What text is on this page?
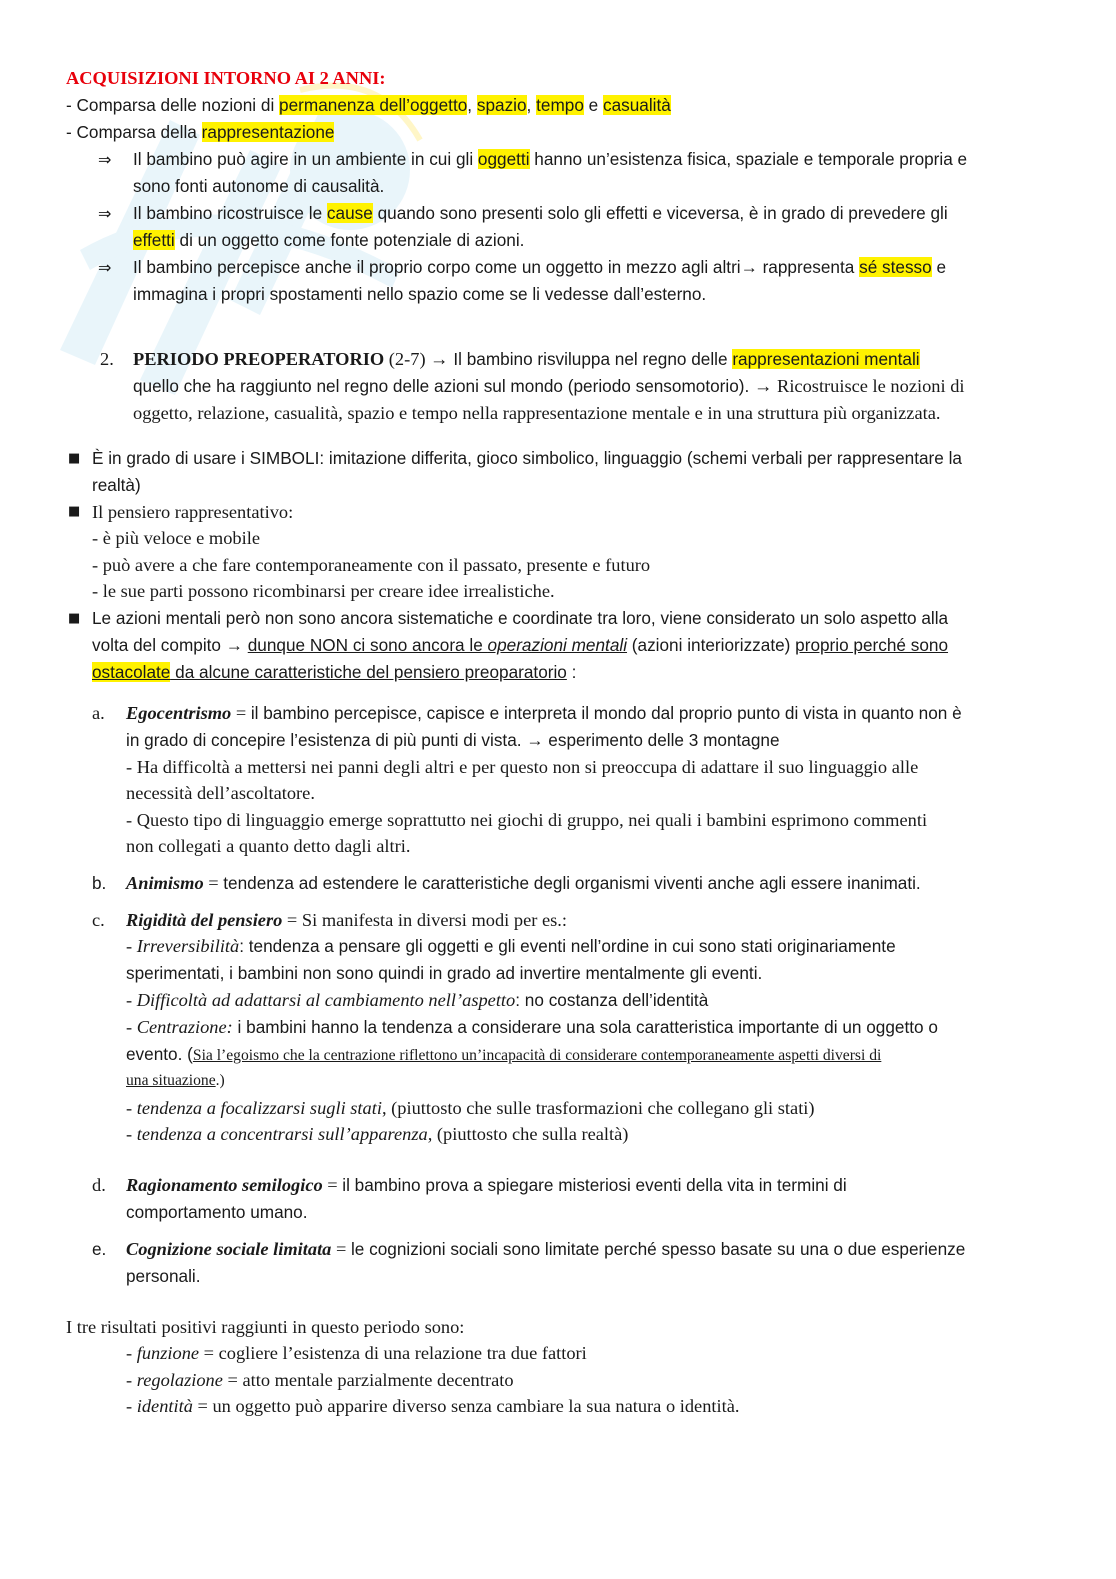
ACQUISIZIONI INTORNO AI 2 ANNI:
- Comparsa delle nozioni di permanenza dell’oggetto, spazio, tempo e casualità
- Comparsa della rappresentazione
⇒ Il bambino può agire in un ambiente in cui gli oggetti hanno un’esistenza fisica, spaziale e temporale propria e
sono fonti autonome di causalità.
⇒ Il bambino ricostruisce le cause quando sono presenti solo gli effetti e viceversa, è in grado di prevedere gli
effetti di un oggetto come fonte potenziale di azioni.
⇒ Il bambino percepisce anche il proprio corpo come un oggetto in mezzo agli altri→ rappresenta sé stesso e
immagina i propri spostamenti nello spazio come se li vedesse dall’esterno.
2. PERIODO PREOPERATORIO (2-7) → Il bambino risviluppa nel regno delle rappresentazioni mentali
quello che ha raggiunto nel regno delle azioni sul mondo (periodo sensomotorio). → Ricostruisce le nozioni di
oggetto, relazione, casualità, spazio e tempo nella rappresentazione mentale e in una struttura più organizzata.
■ È in grado di usare i SIMBOLI: imitazione differita, gioco simbolico, linguaggio (schemi verbali per rappresentare la
realtà)
■ Il pensiero rappresentativo:
- è più veloce e mobile
- può avere a che fare contemporaneamente con il passato, presente e futuro
- le sue parti possono ricombinarsi per creare idee irrealistiche.
■ Le azioni mentali però non sono ancora sistematiche e coordinate tra loro, viene considerato un solo aspetto alla
volta del compito → dunque NON ci sono ancora le operazioni mentali (azioni interiorizzate) proprio perché sono
ostacolate da alcune caratteristiche del pensiero preoparatorio :
a. Egocentrismo = il bambino percepisce, capisce e interpreta il mondo dal proprio punto di vista in quanto non è
in grado di concepire l’esistenza di più punti di vista. → esperimento delle 3 montagne
- Ha difficoltà a mettersi nei panni degli altri e per questo non si preoccupa di adattare il suo linguaggio alle
necessità dell’ascoltatore.
- Questo tipo di linguaggio emerge soprattutto nei giochi di gruppo, nei quali i bambini esprimono commenti
non collegati a quanto detto dagli altri.
b. Animismo = tendenza ad estendere le caratteristiche degli organismi viventi anche agli essere inanimati.
c. Rigidità del pensiero = Si manifesta in diversi modi per es.:
- Irreversibilità: tendenza a pensare gli oggetti e gli eventi nell’ordine in cui sono stati originariamente
sperimentati, i bambini non sono quindi in grado ad invertire mentalmente gli eventi.
- Difficoltà ad adattarsi al cambiamento nell’aspetto: no costanza dell’identità
- Centrazione: i bambini hanno la tendenza a considerare una sola caratteristica importante di un oggetto o
evento. (Sia l’egoismo che la centrazione riflettono un’incapacità di considerare contemporaneamente aspetti diversi di
una situazione.)
- tendenza a focalizzarsi sugli stati, (piuttosto che sulle trasformazioni che collegano gli stati)
- tendenza a concentrarsi sull’apparenza, (piuttosto che sulla realtà)
d. Ragionamento semilogico = il bambino prova a spiegare misteriosi eventi della vita in termini di
comportamento umano.
e. Cognizione sociale limitata = le cognizioni sociali sono limitate perché spesso basate su una o due esperienze
personali.
I tre risultati positivi raggiunti in questo periodo sono:
- funzione = cogliere l’esistenza di una relazione tra due fattori
- regolazione = atto mentale parzialmente decentrato
- identità = un oggetto può apparire diverso senza cambiare la sua natura o identità.
